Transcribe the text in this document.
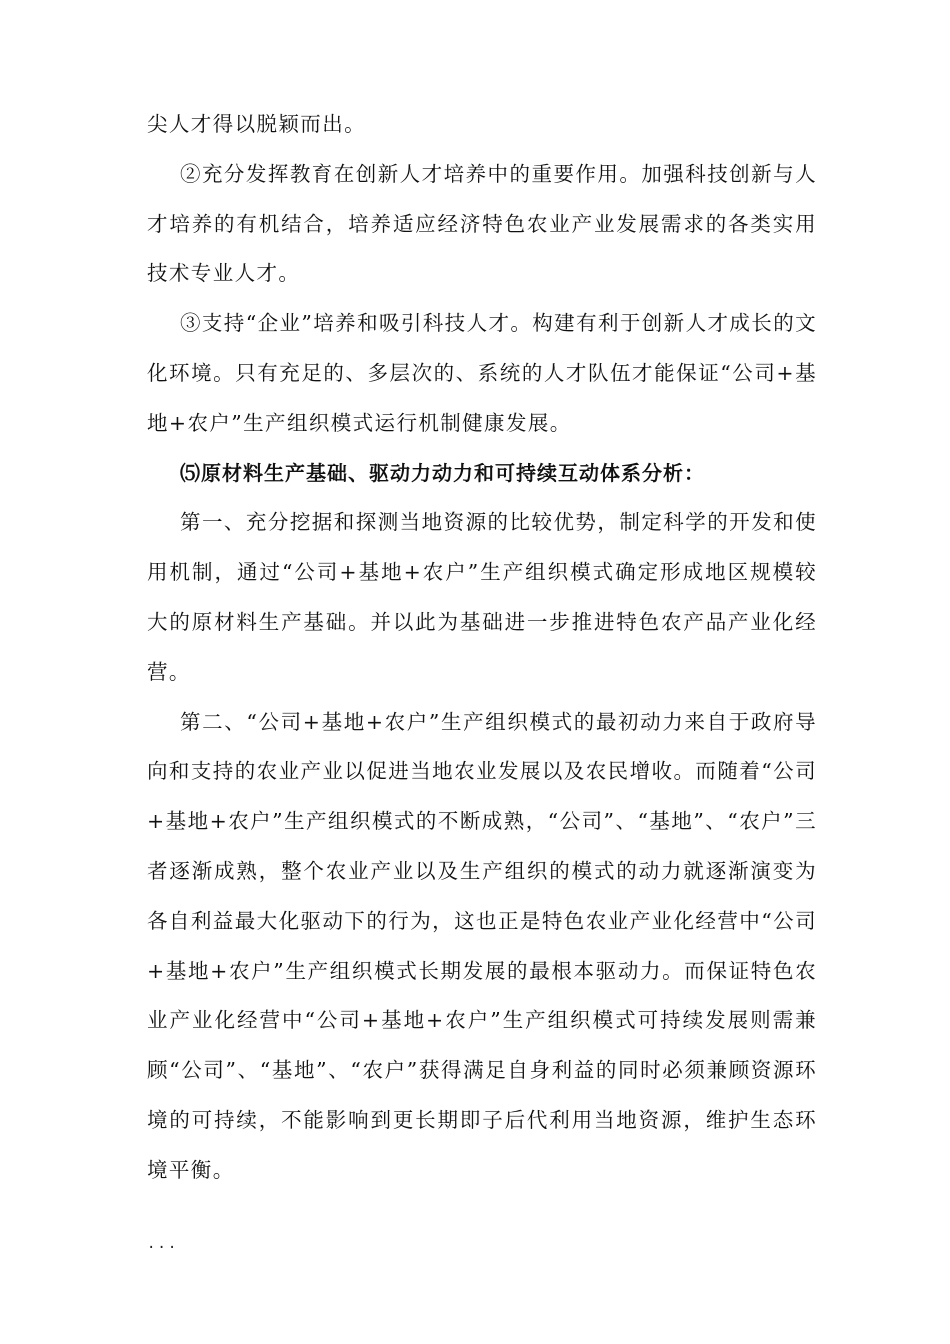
尖人才得以脱颖而出。

②充分发挥教育在创新人才培养中的重要作用。加强科技创新与人才培养的有机结合，培养适应经济特色农业产业发展需求的各类实用技术专业人才。

③支持“企业”培养和吸引科技人才。构建有利于创新人才成长的文化环境。只有充足的、多层次的、系统的人才队伍才能保证“公司+基地+农户”生产组织模式运行机制健康发展。

⑸原材料生产基础、驱动力动力和可持续互动体系分析：

第一、充分挖据和探测当地资源的比较优势，制定科学的开发和使用机制，通过“公司+基地+农户”生产组织模式确定形成地区规模较大的原材料生产基础。并以此为基础进一步推进特色农产品产业化经营。

第二、“公司+基地+农户”生产组织模式的最初动力来自于政府导向和支持的农业产业以促进当地农业发展以及农民增收。而随着“公司+基地+农户”生产组织模式的不断成熟，“公司”、“基地”、“农户”三者逐渐成熟，整个农业产业以及生产组织的模式的动力就逐渐演变为各自利益最大化驱动下的行为，这也正是特色农业产业化经营中“公司+基地+农户”生产组织模式长期发展的最根本驱动力。而保证特色农业产业化经营中“公司+基地+农户”生产组织模式可持续发展则需兼顾“公司”、“基地”、“农户”获得满足自身利益的同时必须兼顾资源环境的可持续，不能影响到更长期即子后代利用当地资源，维护生态环境平衡。

...
